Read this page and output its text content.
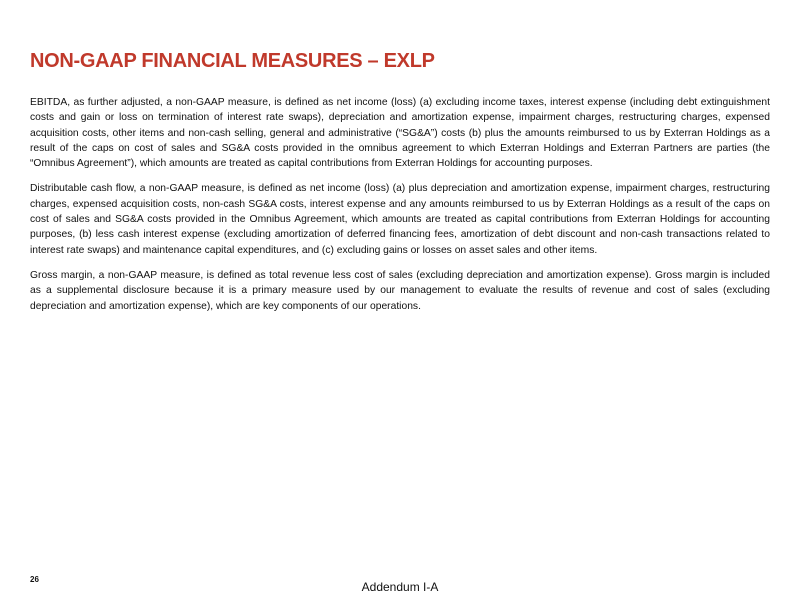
NON-GAAP FINANCIAL MEASURES – EXLP

EBITDA, as further adjusted, a non-GAAP measure, is defined as net income (loss) (a) excluding income taxes, interest expense (including debt extinguishment costs and gain or loss on termination of interest rate swaps), depreciation and amortization expense, impairment charges, restructuring charges, expensed acquisition costs, other items and non-cash selling, general and administrative (“SG&A”) costs (b) plus the amounts reimbursed to us by Exterran Holdings as a result of the caps on cost of sales and SG&A costs provided in the omnibus agreement to which Exterran Holdings and Exterran Partners are parties (the “Omnibus Agreement”), which amounts are treated as capital contributions from Exterran Holdings for accounting purposes.

Distributable cash flow, a non-GAAP measure, is defined as net income (loss) (a) plus depreciation and amortization expense, impairment charges, restructuring charges, expensed acquisition costs, non-cash SG&A costs, interest expense and any amounts reimbursed to us by Exterran Holdings as a result of the caps on cost of sales and SG&A costs provided in the Omnibus Agreement, which amounts are treated as capital contributions from Exterran Holdings for accounting purposes, (b) less cash interest expense (excluding amortization of deferred financing fees, amortization of debt discount and non-cash transactions related to interest rate swaps) and maintenance capital expenditures, and (c) excluding gains or losses on asset sales and other items.

Gross margin, a non-GAAP measure, is defined as total revenue less cost of sales (excluding depreciation and amortization expense). Gross margin is included as a supplemental disclosure because it is a primary measure used by our management to evaluate the results of revenue and cost of sales (excluding depreciation and amortization expense), which are key components of our operations.

26
Addendum I-A
